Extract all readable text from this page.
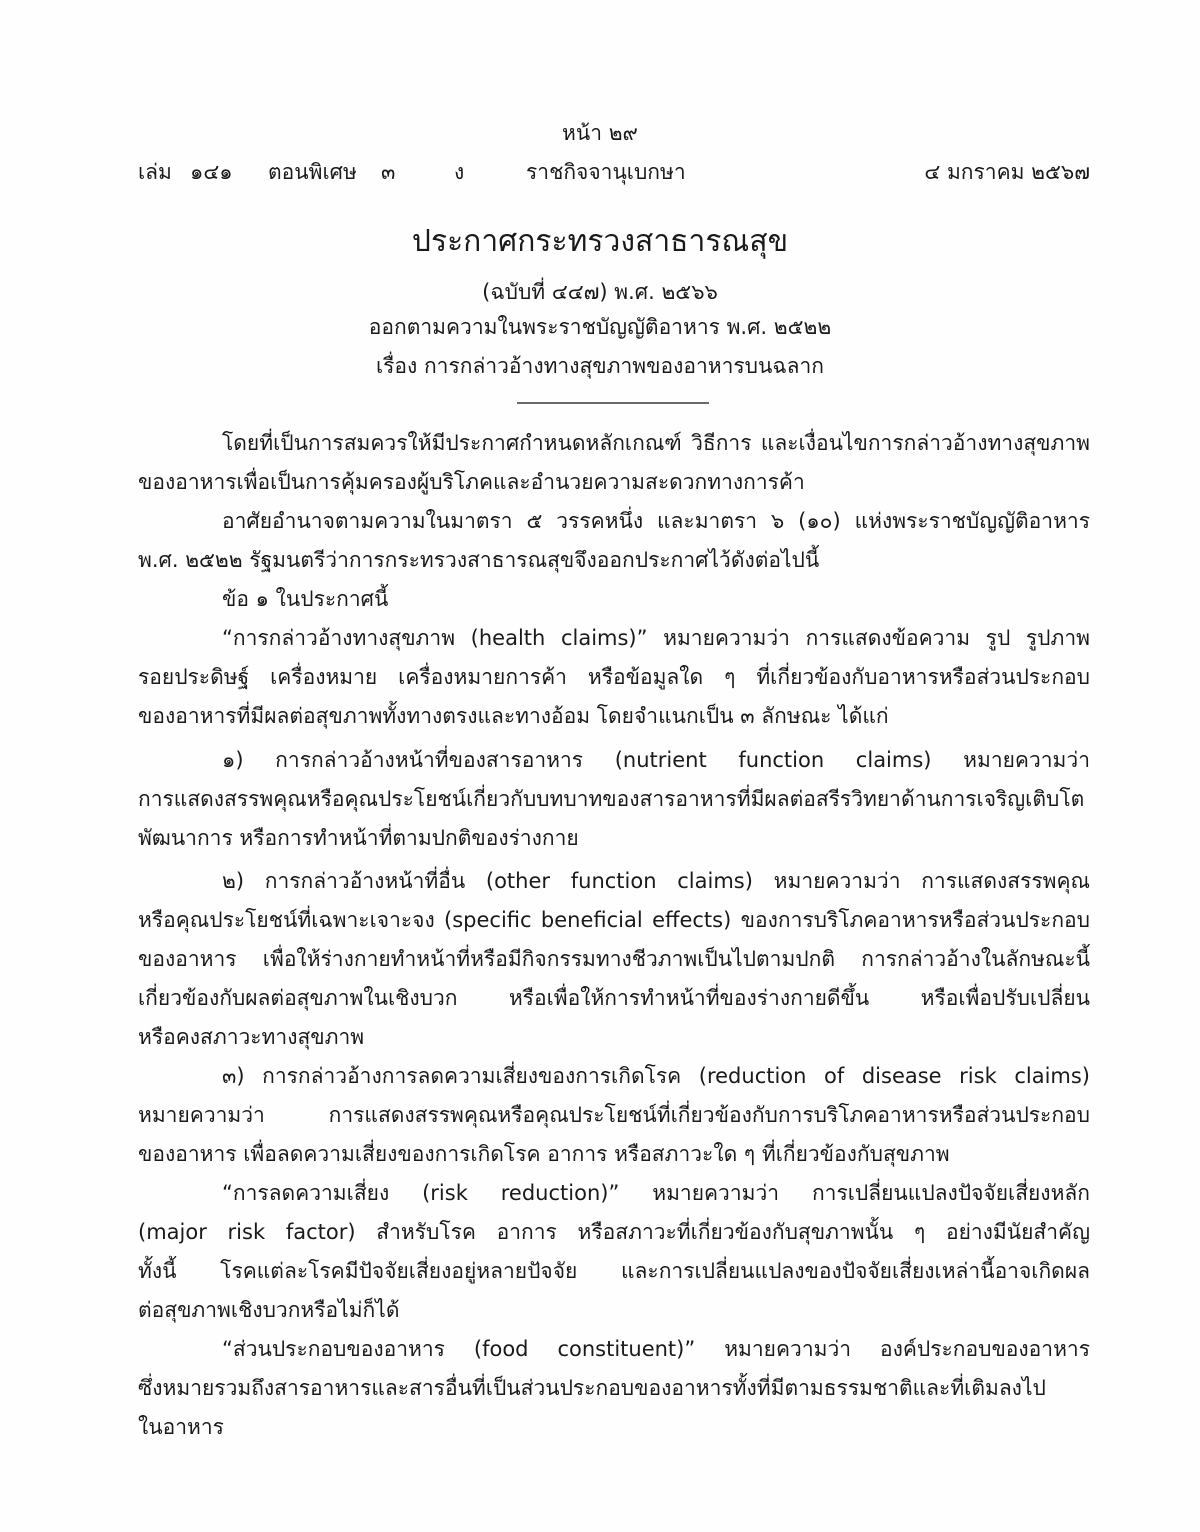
หน้า ๒๙
เล่ม ๑๔๑ ตอนพิเศษ ๓	ง	ราชกิจจานุเบกษา	๔ มกราคม ๒๕๖๗
ประกาศกระทรวงสาธารณสุข
(ฉบับที่ ๔๔๗) พ.ศ. ๒๕๖๖
ออกตามความในพระราชบัญญัติอาหาร พ.ศ. ๒๕๒๒
เรื่อง การกล่าวอ้างทางสุขภาพของอาหารบนฉลาก
โดยที่เป็นการสมควรให้มีประกาศกำหนดหลักเกณฑ์ วิธีการ และเงื่อนไขการกล่าวอ้างทางสุขภาพ
ของอาหารเพื่อเป็นการคุ้มครองผู้บริโภคและอำนวยความสะดวกทางการค้า
อาศัยอำนาจตามความในมาตรา ๕ วรรคหนึ่ง และมาตรา ๖ (๑๐) แห่งพระราชบัญญัติอาหาร
พ.ศ. ๒๕๒๒ รัฐมนตรีว่าการกระทรวงสาธารณสุขจึงออกประกาศไว้ดังต่อไปนี้
ข้อ ๑ ในประกาศนี้
“การกล่าวอ้างทางสุขภาพ (health claims)” หมายความว่า การแสดงข้อความ รูป รูปภาพ
รอยประดิษฐ์ เครื่องหมาย เครื่องหมายการค้า หรือข้อมูลใด ๆ ที่เกี่ยวข้องกับอาหารหรือส่วนประกอบ
ของอาหารที่มีผลต่อสุขภาพทั้งทางตรงและทางอ้อม โดยจำแนกเป็น ๓ ลักษณะ ได้แก่
๑) การกล่าวอ้างหน้าที่ของสารอาหาร (nutrient function claims) หมายความว่า
การแสดงสรรพคุณหรือคุณประโยชน์เกี่ยวกับบทบาทของสารอาหารที่มีผลต่อสรีรวิทยาด้านการเจริญเติบโต
พัฒนาการ หรือการทำหน้าที่ตามปกติของร่างกาย
๒) การกล่าวอ้างหน้าที่อื่น (other function claims) หมายความว่า การแสดงสรรพคุณ
หรือคุณประโยชน์ที่เฉพาะเจาะจง (specific beneficial effects) ของการบริโภคอาหารหรือส่วนประกอบ
ของอาหาร เพื่อให้ร่างกายทำหน้าที่หรือมีกิจกรรมทางชีวภาพเป็นไปตามปกติ การกล่าวอ้างในลักษณะนี้
เกี่ยวข้องกับผลต่อสุขภาพในเชิงบวก หรือเพื่อให้การทำหน้าที่ของร่างกายดีขึ้น หรือเพื่อปรับเปลี่ยน
หรือคงสภาวะทางสุขภาพ
๓) การกล่าวอ้างการลดความเสี่ยงของการเกิดโรค (reduction of disease risk claims)
หมายความว่า การแสดงสรรพคุณหรือคุณประโยชน์ที่เกี่ยวข้องกับการบริโภคอาหารหรือส่วนประกอบ
ของอาหาร เพื่อลดความเสี่ยงของการเกิดโรค อาการ หรือสภาวะใด ๆ ที่เกี่ยวข้องกับสุขภาพ
“การลดความเสี่ยง (risk reduction)” หมายความว่า การเปลี่ยนแปลงปัจจัยเสี่ยงหลัก
(major risk factor) สำหรับโรค อาการ หรือสภาวะที่เกี่ยวข้องกับสุขภาพนั้น ๆ อย่างมีนัยสำคัญ
ทั้งนี้ โรคแต่ละโรคมีปัจจัยเสี่ยงอยู่หลายปัจจัย และการเปลี่ยนแปลงของปัจจัยเสี่ยงเหล่านี้อาจเกิดผล
ต่อสุขภาพเชิงบวกหรือไม่ก็ได้
“ส่วนประกอบของอาหาร (food constituent)” หมายความว่า องค์ประกอบของอาหาร
ซึ่งหมายรวมถึงสารอาหารและสารอื่นที่เป็นส่วนประกอบของอาหารทั้งที่มีตามธรรมชาติและที่เติมลงไป
ในอาหาร
